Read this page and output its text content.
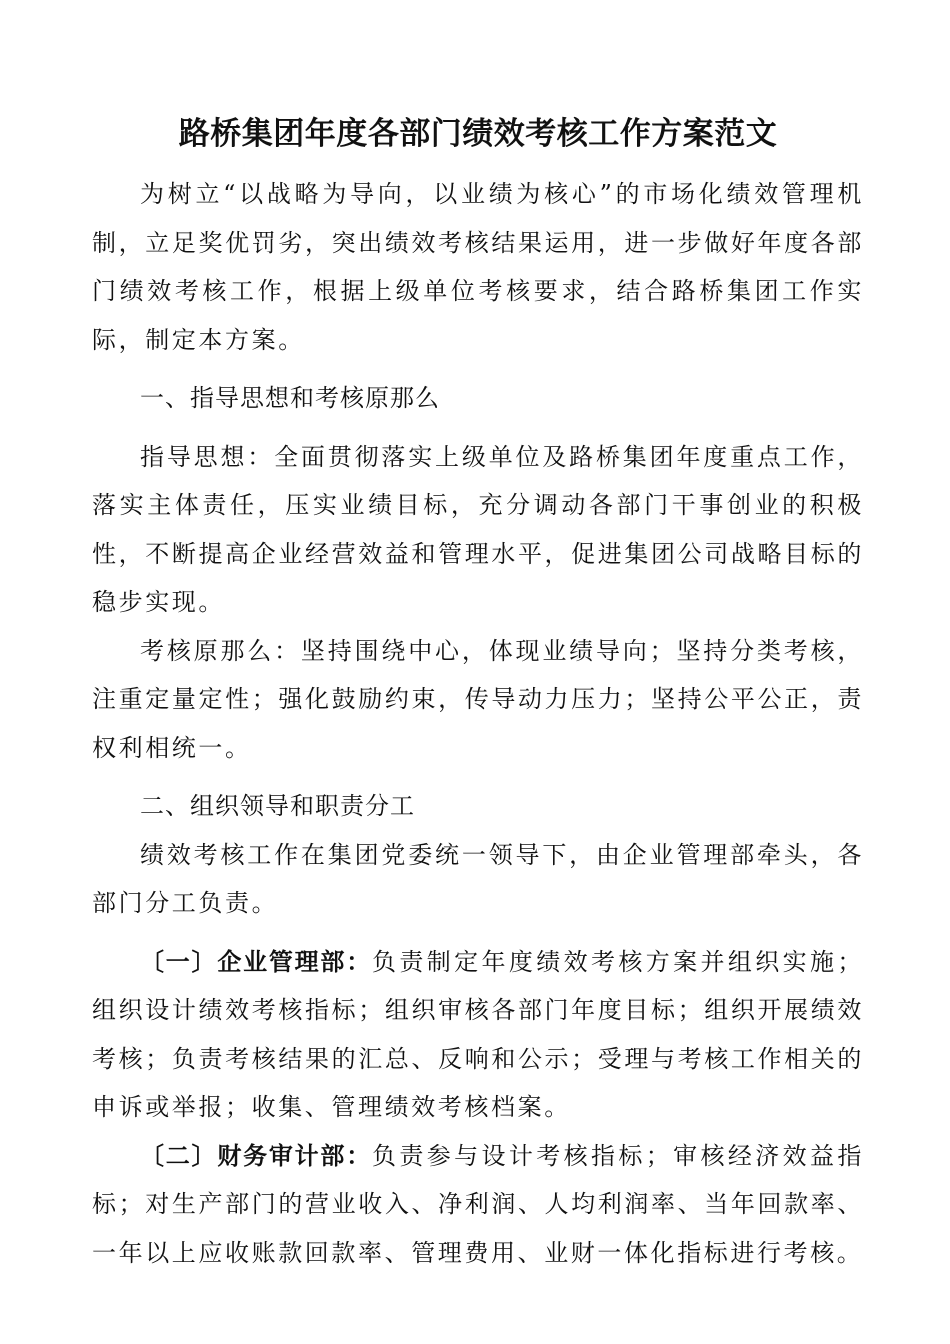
路桥集团年度各部门绩效考核工作方案范文

为树立“以战略为导向，以业绩为核心”的市场化绩效管理机制，立足奖优罚劣，突出绩效考核结果运用，进一步做好年度各部门绩效考核工作，根据上级单位考核要求，结合路桥集团工作实际，制定本方案。

一、指导思想和考核原那么

指导思想：全面贯彻落实上级单位及路桥集团年度重点工作，落实主体责任，压实业绩目标，充分调动各部门干事创业的积极性，不断提高企业经营效益和管理水平，促进集团公司战略目标的稳步实现。

考核原那么：坚持围绕中心，体现业绩导向；坚持分类考核，注重定量定性；强化鼓励约束，传导动力压力；坚持公平公正，责权利相统一。

二、组织领导和职责分工

绩效考核工作在集团党委统一领导下，由企业管理部牵头，各部门分工负责。

〔一〕企业管理部：负责制定年度绩效考核方案并组织实施；组织设计绩效考核指标；组织审核各部门年度目标；组织开展绩效考核；负责考核结果的汇总、反响和公示；受理与考核工作相关的申诉或举报；收集、管理绩效考核档案。

〔二〕财务审计部：负责参与设计考核指标；审核经济效益指标；对生产部门的营业收入、净利润、人均利润率、当年回款率、一年以上应收账款回款率、管理费用、业财一体化指标进行考核。
